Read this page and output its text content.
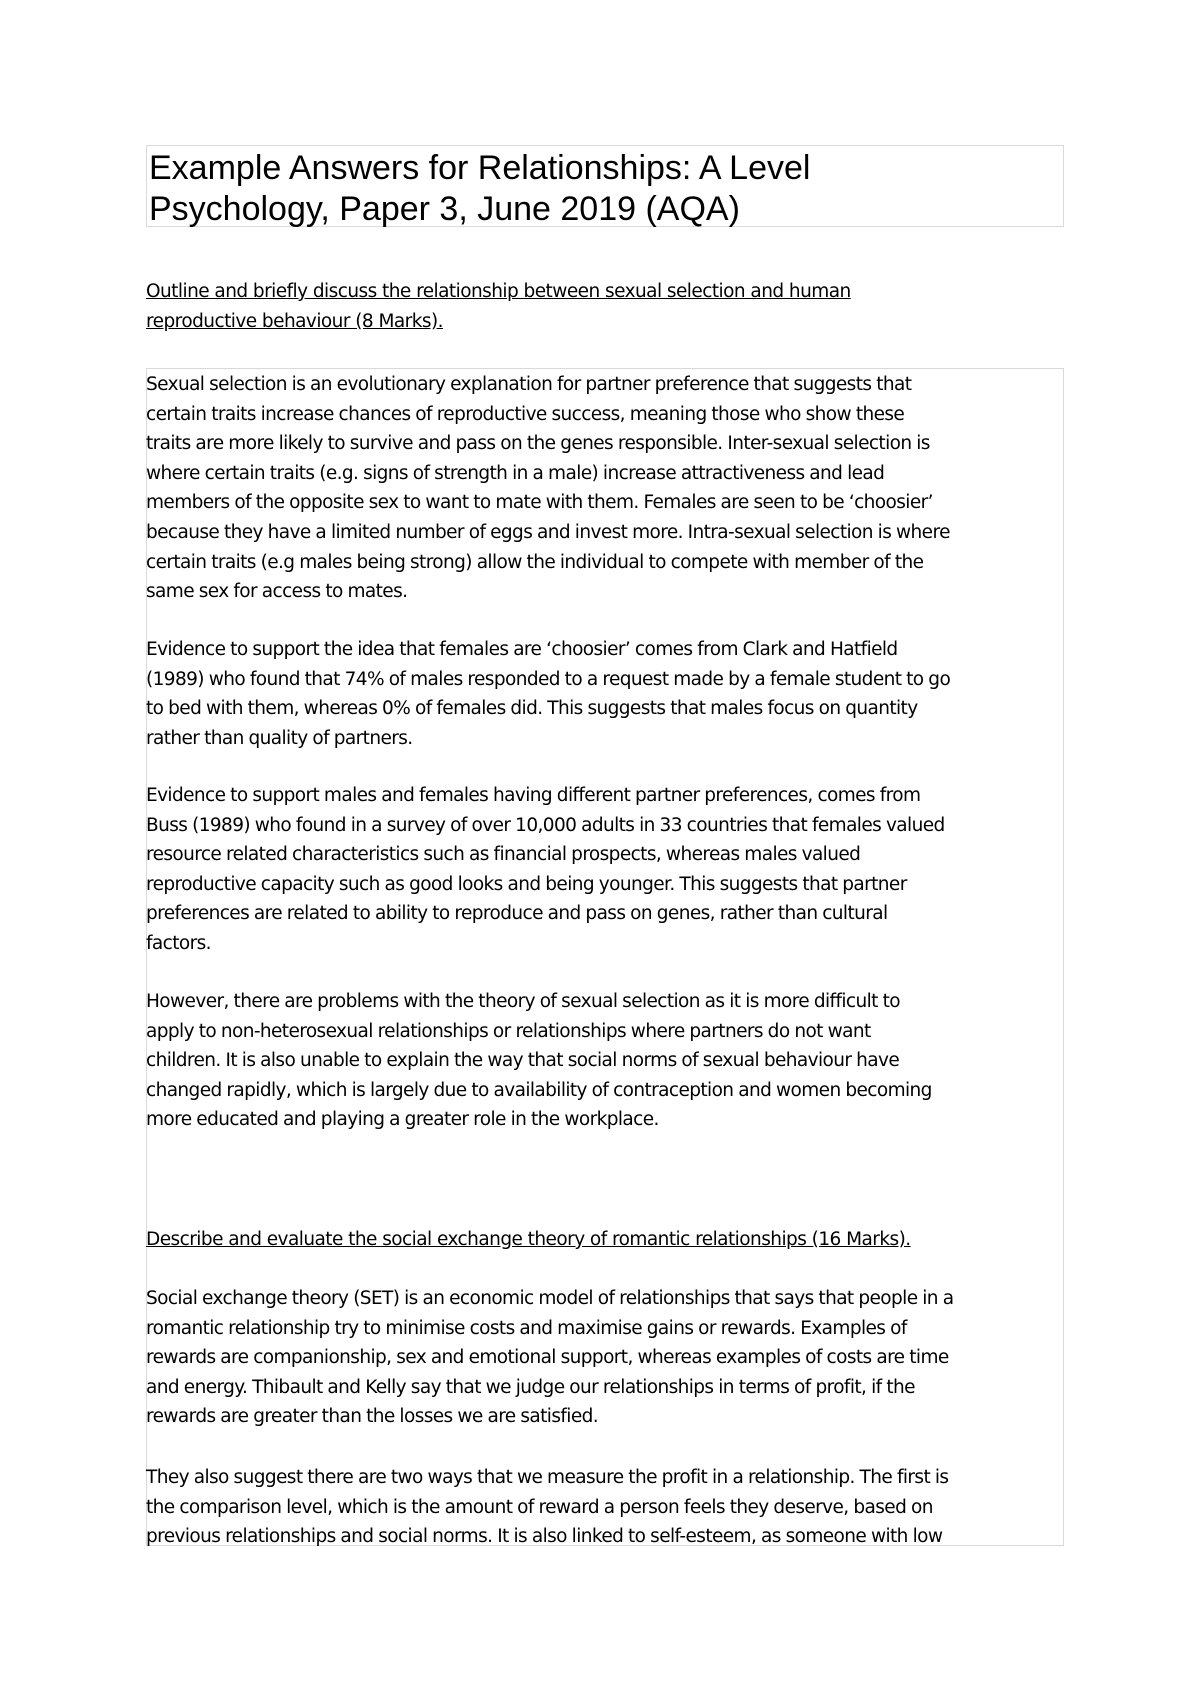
Example Answers for Relationships: A Level
Psychology, Paper 3, June 2019 (AQA)

Outline and briefly discuss the relationship between sexual selection and human
reproductive behaviour (8 Marks).

Sexual selection is an evolutionary explanation for partner preference that suggests that
certain traits increase chances of reproductive success, meaning those who show these
traits are more likely to survive and pass on the genes responsible. Inter-sexual selection is
where certain traits (e.g. signs of strength in a male) increase attractiveness and lead
members of the opposite sex to want to mate with them. Females are seen to be ‘choosier’
because they have a limited number of eggs and invest more. Intra-sexual selection is where
certain traits (e.g males being strong) allow the individual to compete with member of the
same sex for access to mates.

Evidence to support the idea that females are ‘choosier’ comes from Clark and Hatfield
(1989) who found that 74% of males responded to a request made by a female student to go
to bed with them, whereas 0% of females did. This suggests that males focus on quantity
rather than quality of partners.

Evidence to support males and females having different partner preferences, comes from
Buss (1989) who found in a survey of over 10,000 adults in 33 countries that females valued
resource related characteristics such as financial prospects, whereas males valued
reproductive capacity such as good looks and being younger. This suggests that partner
preferences are related to ability to reproduce and pass on genes, rather than cultural
factors.

However, there are problems with the theory of sexual selection as it is more difficult to
apply to non-heterosexual relationships or relationships where partners do not want
children. It is also unable to explain the way that social norms of sexual behaviour have
changed rapidly, which is largely due to availability of contraception and women becoming
more educated and playing a greater role in the workplace.

Describe and evaluate the social exchange theory of romantic relationships (16 Marks).

Social exchange theory (SET) is an economic model of relationships that says that people in a
romantic relationship try to minimise costs and maximise gains or rewards. Examples of
rewards are companionship, sex and emotional support, whereas examples of costs are time
and energy. Thibault and Kelly say that we judge our relationships in terms of profit, if the
rewards are greater than the losses we are satisfied.

They also suggest there are two ways that we measure the profit in a relationship. The first is
the comparison level, which is the amount of reward a person feels they deserve, based on
previous relationships and social norms. It is also linked to self-esteem, as someone with low
